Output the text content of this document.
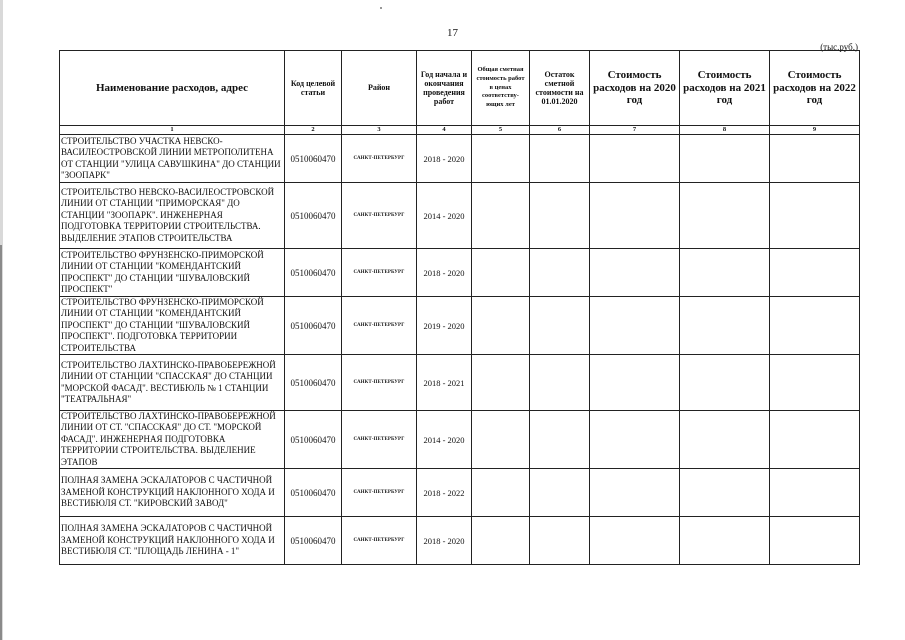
17
(тыс.руб.)
Наименование расходов, адрес	Код целевой статьи	Район	Год начала и окончания проведения работ	Общая сметная стоимость работ в ценах соответству-ющих лет	Остаток сметной стоимости на 01.01.2020	Стоимость расходов на 2020 год	Стоимость расходов на 2021 год	Стоимость расходов на 2022 год
1	2	3	4	5	6	7	8	9
СТРОИТЕЛЬСТВО УЧАСТКА НЕВСКО-ВАСИЛЕОСТРОВСКОЙ ЛИНИИ МЕТРОПОЛИТЕНА ОТ СТАНЦИИ "УЛИЦА САВУШКИНА" ДО СТАНЦИИ "ЗООПАРК"	0510060470	САНКТ-ПЕТЕРБУРГ	2018 - 2020					
СТРОИТЕЛЬСТВО НЕВСКО-ВАСИЛЕОСТРОВСКОЙ ЛИНИИ ОТ СТАНЦИИ "ПРИМОРСКАЯ" ДО СТАНЦИИ "ЗООПАРК". ИНЖЕНЕРНАЯ ПОДГОТОВКА ТЕРРИТОРИИ СТРОИТЕЛЬСТВА. ВЫДЕЛЕНИЕ ЭТАПОВ СТРОИТЕЛЬСТВА	0510060470	САНКТ-ПЕТЕРБУРГ	2014 - 2020					
СТРОИТЕЛЬСТВО ФРУНЗЕНСКО-ПРИМОРСКОЙ ЛИНИИ ОТ СТАНЦИИ "КОМЕНДАНТСКИЙ ПРОСПЕКТ" ДО СТАНЦИИ "ШУВАЛОВСКИЙ ПРОСПЕКТ"	0510060470	САНКТ-ПЕТЕРБУРГ	2018 - 2020					
СТРОИТЕЛЬСТВО ФРУНЗЕНСКО-ПРИМОРСКОЙ ЛИНИИ ОТ СТАНЦИИ "КОМЕНДАНТСКИЙ ПРОСПЕКТ" ДО СТАНЦИИ "ШУВАЛОВСКИЙ ПРОСПЕКТ". ПОДГОТОВКА ТЕРРИТОРИИ СТРОИТЕЛЬСТВА	0510060470	САНКТ-ПЕТЕРБУРГ	2019 - 2020					
СТРОИТЕЛЬСТВО ЛАХТИНСКО-ПРАВОБЕРЕЖНОЙ ЛИНИИ ОТ СТАНЦИИ "СПАССКАЯ" ДО СТАНЦИИ "МОРСКОЙ ФАСАД". ВЕСТИБЮЛЬ № 1 СТАНЦИИ "ТЕАТРАЛЬНАЯ"	0510060470	САНКТ-ПЕТЕРБУРГ	2018 - 2021					
СТРОИТЕЛЬСТВО ЛАХТИНСКО-ПРАВОБЕРЕЖНОЙ ЛИНИИ ОТ СТ. "СПАССКАЯ" ДО СТ. "МОРСКОЙ ФАСАД". ИНЖЕНЕРНАЯ ПОДГОТОВКА ТЕРРИТОРИИ СТРОИТЕЛЬСТВА. ВЫДЕЛЕНИЕ ЭТАПОВ	0510060470	САНКТ-ПЕТЕРБУРГ	2014 - 2020					
ПОЛНАЯ ЗАМЕНА ЭСКАЛАТОРОВ С ЧАСТИЧНОЙ ЗАМЕНОЙ КОНСТРУКЦИЙ НАКЛОННОГО ХОДА И ВЕСТИБЮЛЯ СТ. "КИРОВСКИЙ ЗАВОД"	0510060470	САНКТ-ПЕТЕРБУРГ	2018 - 2022					
ПОЛНАЯ ЗАМЕНА ЭСКАЛАТОРОВ С ЧАСТИЧНОЙ ЗАМЕНОЙ КОНСТРУКЦИЙ НАКЛОННОГО ХОДА И ВЕСТИБЮЛЯ СТ. "ПЛОЩАДЬ ЛЕНИНА - 1"	0510060470	САНКТ-ПЕТЕРБУРГ	2018 - 2020					
